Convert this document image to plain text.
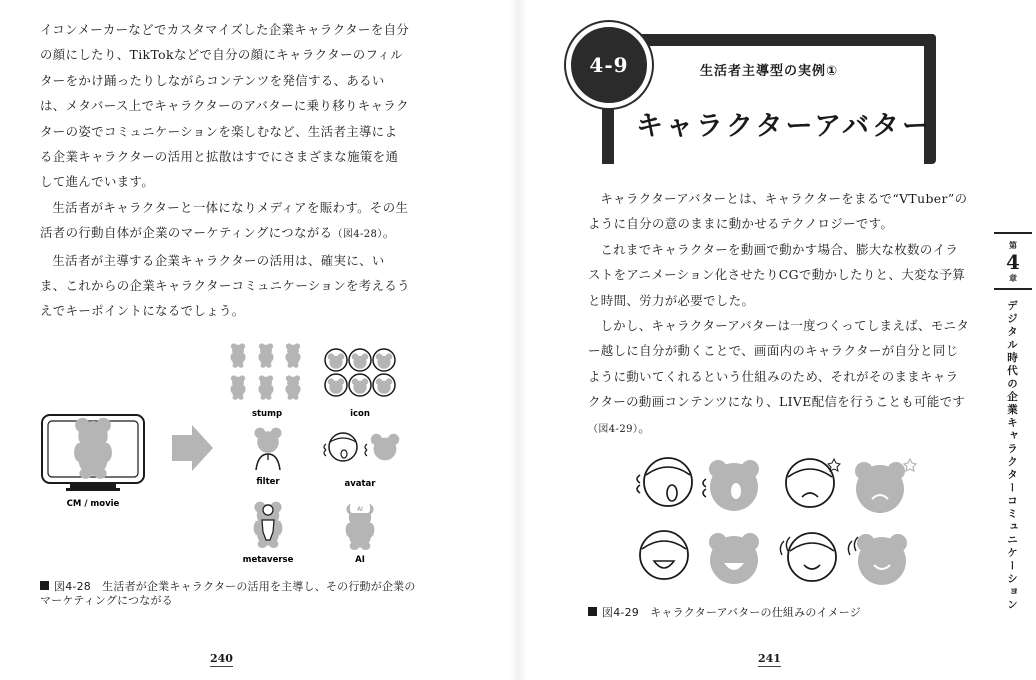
イコンメーカーなどでカスタマイズした企業キャラクターを自分の顔にしたり、TikTokなどで自分の顔にキャラクターのフィルターをかけ踊ったりしながらコンテンツを発信する、あるいは、メタバース上でキャラクターのアバターに乗り移りキャラクターの姿でコミュニケーションを楽しむなど、生活者主導による企業キャラクターの活用と拡散はすでにさまざまな施策を通して進んでいます。

生活者がキャラクターと一体になりメディアを賑わす。その生活者の行動自体が企業のマーケティングにつながる（図4-28）。

生活者が主導する企業キャラクターの活用は、確実に、いま、これからの企業キャラクターコミュニケーションを考えるうえでキーポイントになるでしょう。

CM / movie
stump	icon
filter	avatar
metaverse
AI
AI
図4-28　生活者が企業キャラクターの活用を主導し、その行動が企業のマーケティングにつながる
240
4-9	生活者主導型の実例①
キャラクターアバター

キャラクターアバターとは、キャラクターをまるで“VTuber”のように自分の意のままに動かせるテクノロジーです。

これまでキャラクターを動画で動かす場合、膨大な枚数のイラストをアニメーション化させたりCGで動かしたりと、大変な予算と時間、労力が必要でした。

しかし、キャラクターアバターは一度つくってしまえば、モニター越しに自分が動くことで、画面内のキャラクターが自分と同じように動いてくれるという仕組みのため、それがそのままキャラクターの動画コンテンツになり、LIVE配信を行うことも可能です（図4-29）。

図4-29　キャラクターアバターの仕組みのイメージ
241
第
4
章
デジタル時代の企業キャラクターコミュニケーション
